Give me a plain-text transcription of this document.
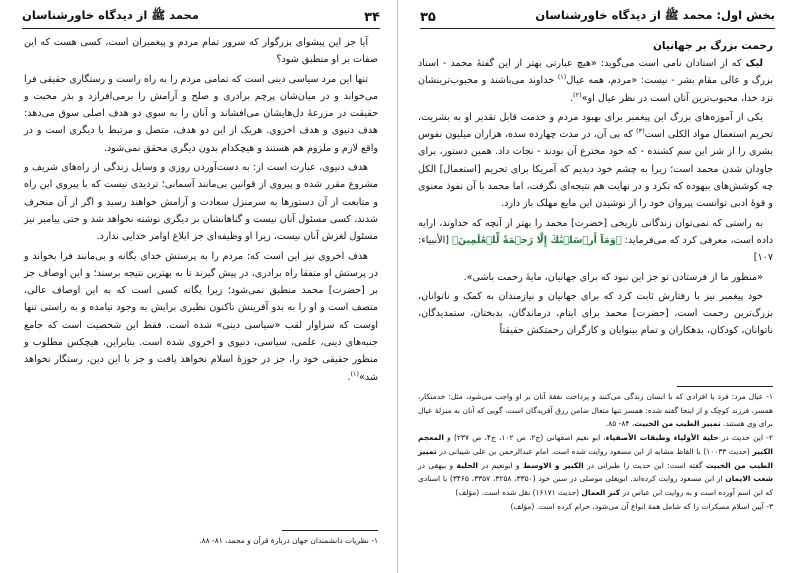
۳۴
محمد ﷺ از دیدگاه خاورشناسان

آیا جز این پیشوای بزرگوار که سرور تمام مردم و پیغمبران است، کسی هست که این صفات بر او منطبق شود؟

تنها این مرد سیاسی دینی است که تمامی مردم را به راه راست و رستگاری حقیقی فرا می‌خواند و در میان‌شان پرچم برادری و صلح و آرامش را برمی‌افرازد و بذر محبت و حقیقت در مزرعهٔ دل‌هایشان می‌افشاند و آنان را به سوی دو هدف اصلی سوق می‌دهد: هدف دنیوی و هدف اخروی. هریک از این دو هدف، متصل و مرتبط با دیگری است و در واقع لازم و ملزوم هم هستند و هیچکدام بدون دیگری محقق نمی‌شود.

هدف دنیوی، عبارت است از: به دست‌آوردن روزی و وسایل زندگی از راه‌های شریف و مشروع مقرر شده و پیروی از قوانین بی‌مانند آسمانی؛ تردیدی نیست که با پیروی این راه و متابعت از آن دستورها به سرمنزل سعادت و آرامش خواهند رسید و اگر از آن منحرف شدند، کسی مسئول آنان نیست و گناهانشان بر دیگری نوشته نخواهد شد و حتی پیامبر نیز مسئول لغزش آنان نیست، زیرا او وظیفه‌ای جز ابلاغ اوامر خدایی ندارد.

هدف اخروی نیز این است که: مردم را به پرستش خدای یگانه و بی‌مانند فرا بخواند و در پرستش او متفقا راه برادری، در پیش گیرند تا به بهترین نتیجه برسند؛ و این اوصاف جز بر [حضرت] محمد منطبق نمی‌شود؛ زیرا یگانه کسی است که به این اوصاف عالی، متصف است و او را به بدو آفرینش تاکنون نظیری برایش به وجود نیامده و به راستی تنها اوست که سزاوار لقب «سیاسی دینی» شده است. فقط این شخصیت است که جامع جنبه‌های دینی، علمی، سیاسی، دنیوی و اخروی شده است. بنابراین، هیچکس مطلوب و منظور حقیقی خود را، جز در حوزهٔ اسلام نخواهد یافت و جز با این دین، رستگار نخواهد شد»$^{(۱)}$.

۱- نظریات دانشمندان جهان دربارهٔ قرآن و محمد، ۸۱- ۸۸.

بخش اول: محمد ﷺ از دیدگاه خاورشناسان
۳۵
رحمت بزرگ بر جهانیان

لیک که از استادان نامی است می‌گوید: «هیچ عبارتی بهتر از این گفتهٔ محمد - استاد بزرگ و عالی مقام بشر - نیست: «مردم، همه عیال$^{(۱)}$ خداوند می‌باشند و محبوب‌ترینشان نزد خدا، محبوب‌ترین آنان است در نظر عیال او»$^{(۲)}$.

یکی از آموزه‌های بزرگ این پیغمبر برای بهبود مردم و خدمت قابل تقدیر او به بشریت، تحریم استعمال مواد الکلی است$^{(۳)}$ که بی آن، در مدت چهارده سده، هزاران میلیون نفوس بشری را از شر این سم کشنده - که خود مخترع آن بودند - نجات داد. همین دستور، برای جاودان شدن محمد است؛ زیرا به چشم خود دیدیم که آمریکا برای تحریم [استعمال] الکل چه کوشش‌های بیهوده که نکرد و در نهایت هم نتیجه‌ای نگرفت، اما محمد با آن نفوذ معنوی و قوهٔ ادبی توانست پیروان خود را از نوشیدن این مایع مهلک باز دارد.

به راستی که نمی‌توان زندگانی تاریخی [حضرت] محمد را بهتر از آنچه که خداوند، ارایه داده است، معرفی کرد که می‌فرماید: ﴿وَمَآ أَرۡسَلۡنَٰكَ إِلَّا رَحۡمَةٗ لِّلۡعَٰلَمِينَ﴾ [الأنبیاء: ۱۰۷]

«منظور ما از فرستادن تو جز این نبود که برای جهانیان، مایهٔ رحمت باشی».

خود پیغمبر نیز با رفتارش ثابت کرد که برای جهانیان و نیازمندان به کمک و ناتوانان، بزرگ‌ترین رحمت است، [حضرت] محمد برای ایتام، درماندگان، بدبختان، ستمدیدگان، ناتوانان، کودکان، بدهکاران و تمام بینوایان و کارگران رحمتکش حقیقتاً

۱- عیال مرد: فرد یا افرادی که با انسان زندگی می‌کنند و پرداخت نفقهٔ آنان بر او واجب می‌شود، مثل: خدمتکار، همسر، فرزند کوچک و از اینجا گفته شده: همسر تنها متعال ضامن رزق آفریدگان است، گویی که آنان به منزلهٔ عیال برای وی هستند. تمییز الطیب من الخبیث، ۸۴- ۸۵.

۲- این حدیث در حلیة الأولیاء وطبقات الأصفیاء، ابو نعیم اصفهانی (ج۲، ص ۱۰۲، ج۴، ص ۲۳۷) و المعجم الکبیر (حدیث ۱۰۰۳۳) با الفاظ مشابه از ابن مسعود روایت شده است. امام عبدالرحمن بن علی شیبانی در تمییز الطیب من الخبیث گفته است: این حدیث را طبرانی در الکبیر و الاوسط و ابونعیم در الحلیة و بیهقی در شعب الایمان از ابن مسعود روایت کرده‌اند. ابویعلی موصلی در سنن خود (۳۳۵۰، ۳۲۵۸، ۳۳۵۷، ۳۴۶۵) با اسنادی که ابن اسم آورده است و به روایت ابن عباس در کنز العمال (حدیث ۱۶۱۷۱) نقل شده است. (مؤلف)

۳- آیین اسلام مسکرات را که شامل همهٔ انواع آن می‌شود، حرام کرده است. (مؤلف)
